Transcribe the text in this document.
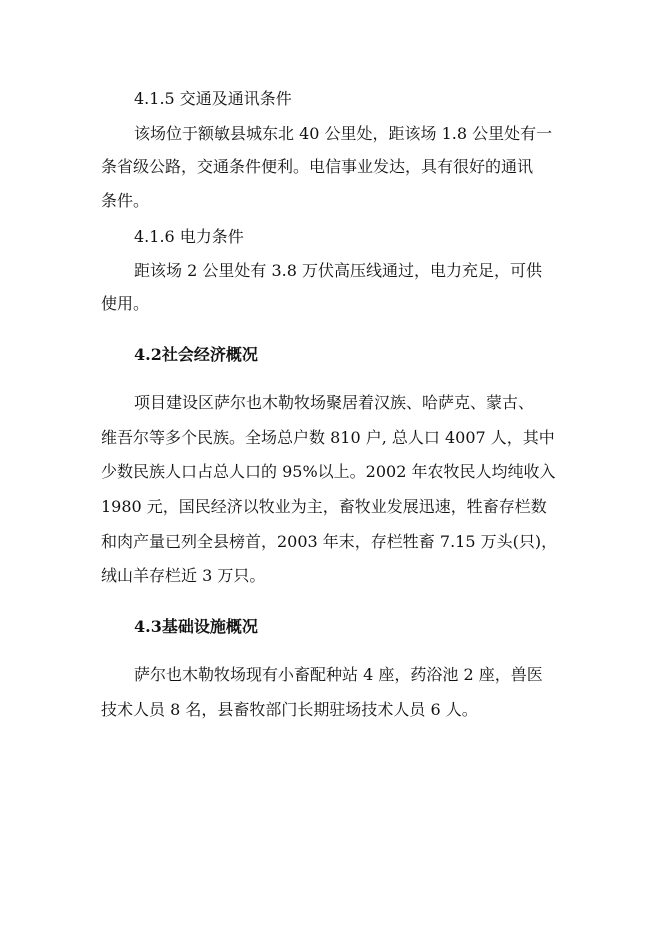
4.1.5 交通及通讯条件
该场位于额敏县城东北 40 公里处，距该场 1.8 公里处有一
条省级公路，交通条件便利。电信事业发达，具有很好的通讯
条件。
4.1.6 电力条件
距该场 2 公里处有 3.8 万伏高压线通过，电力充足，可供
使用。
4.2社会经济概况
项目建设区萨尔也木勒牧场聚居着汉族、哈萨克、蒙古、
维吾尔等多个民族。全场总户数 810 户, 总人口 4007 人，其中
少数民族人口占总人口的 95%以上。2002 年农牧民人均纯收入
1980 元，国民经济以牧业为主，畜牧业发展迅速，牲畜存栏数
和肉产量已列全县榜首，2003 年末，存栏牲畜 7.15 万头(只)，
绒山羊存栏近 3 万只。
4.3基础设施概况
萨尔也木勒牧场现有小畜配种站 4 座，药浴池 2 座，兽医
技术人员 8 名，县畜牧部门长期驻场技术人员 6 人。
